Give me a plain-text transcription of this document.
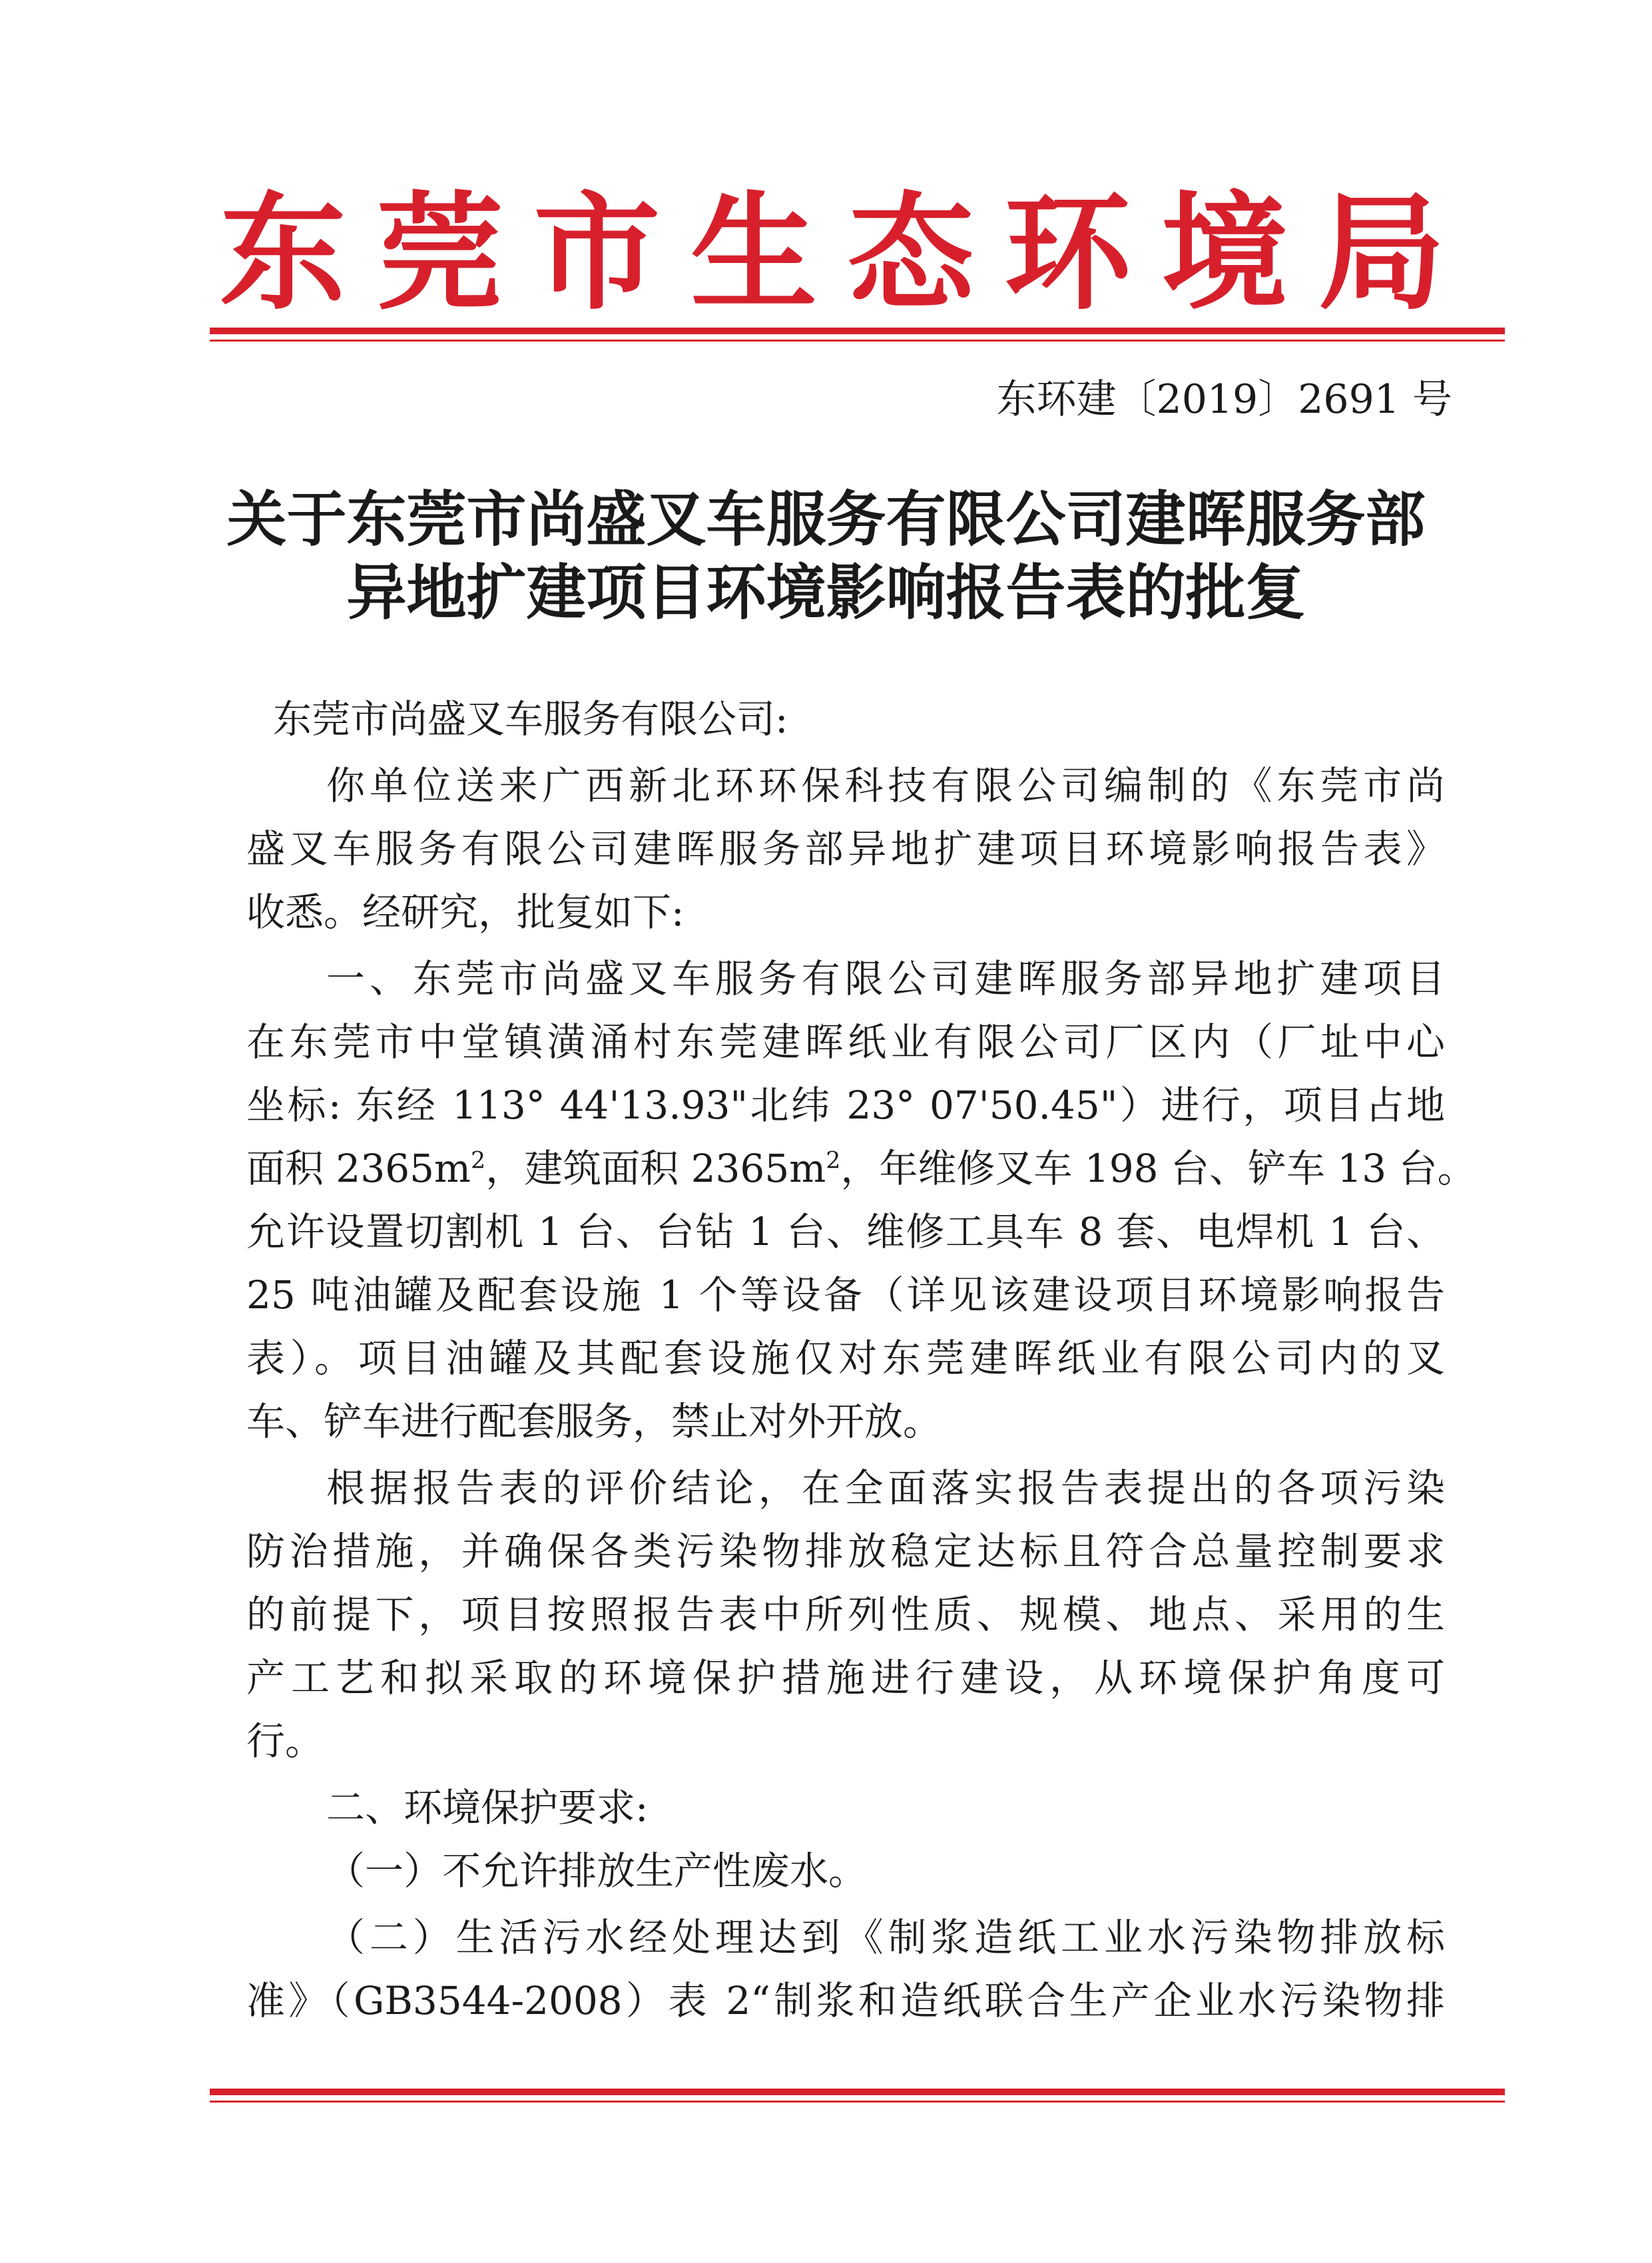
东 莞 市 生 态 环 境 局
东环建〔2019〕2691 号
关于东莞市尚盛叉车服务有限公司建晖服务部
异地扩建项目环境影响报告表的批复
东莞市尚盛叉车服务有限公司:
你单位送来广西新北环环保科技有限公司编制的《东莞市尚
盛叉车服务有限公司建晖服务部异地扩建项目环境影响报告表》
收悉。经研究，批复如下:
一、东莞市尚盛叉车服务有限公司建晖服务部异地扩建项目
在东莞市中堂镇潢涌村东莞建晖纸业有限公司厂区内（厂址中心
坐标: 东经 113° 44'13.93"北纬 23° 07'50.45"）进行，项目占地
面积 $2365m^2$，建筑面积 $2365m^2$，年维修叉车 198 台、铲车 13 台。
允许设置切割机 1 台、台钻 1 台、维修工具车 8 套、电焊机 1 台、
25 吨油罐及配套设施 1 个等设备（详见该建设项目环境影响报告
表）。项目油罐及其配套设施仅对东莞建晖纸业有限公司内的叉
车、铲车进行配套服务，禁止对外开放。
根据报告表的评价结论，在全面落实报告表提出的各项污染
防治措施，并确保各类污染物排放稳定达标且符合总量控制要求
的前提下，项目按照报告表中所列性质、规模、地点、采用的生
产工艺和拟采取的环境保护措施进行建设，从环境保护角度可
行。
二、环境保护要求:
（一）不允许排放生产性废水。
（二）生活污水经处理达到《制浆造纸工业水污染物排放标
准》（GB3544-2008）表 2“制浆和造纸联合生产企业水污染物排
